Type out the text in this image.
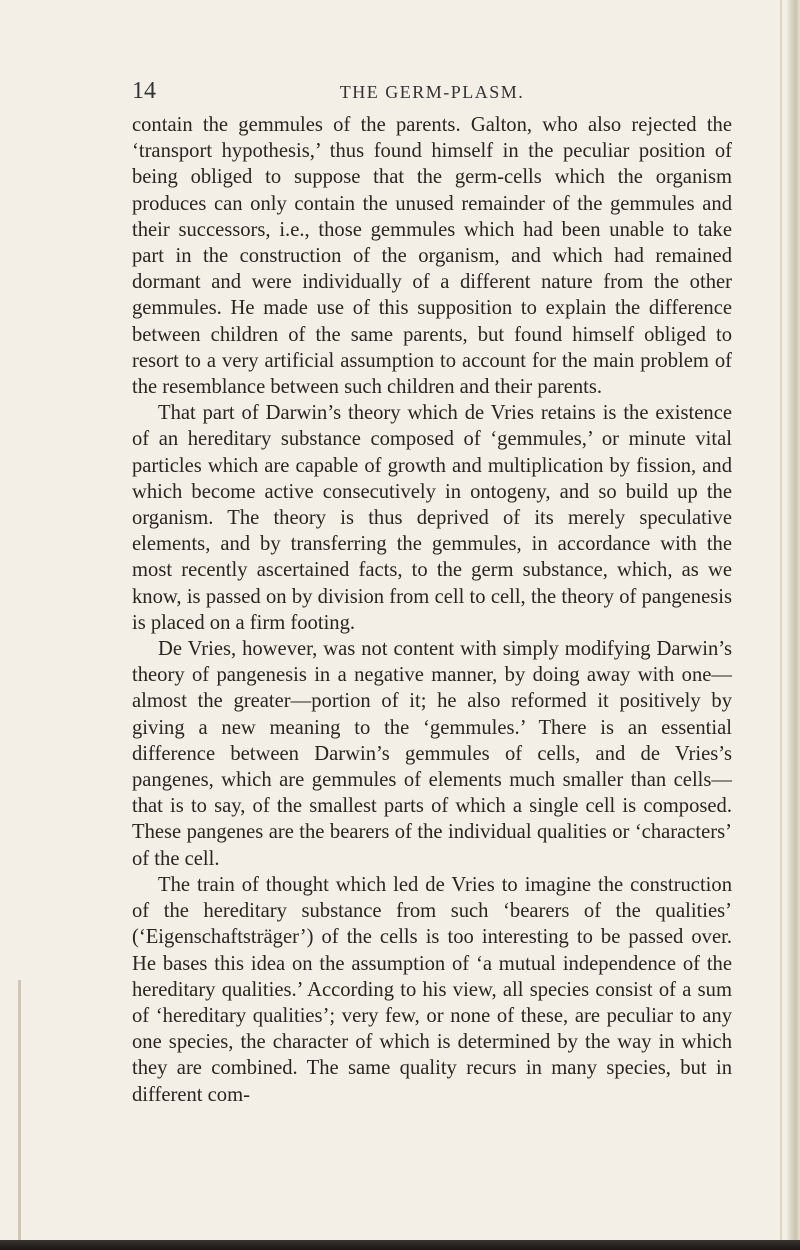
14	THE GERM-PLASM.

contain the gemmules of the parents. Galton, who also rejected the ‘transport hypothesis,’ thus found himself in the peculiar position of being obliged to suppose that the germ-cells which the organism produces can only contain the unused remainder of the gemmules and their successors, i.e., those gemmules which had been unable to take part in the construction of the organism, and which had remained dormant and were individually of a different nature from the other gemmules. He made use of this supposition to explain the difference between children of the same parents, but found himself obliged to resort to a very artificial assumption to account for the main problem of the resemblance between such children and their parents.

That part of Darwin’s theory which de Vries retains is the existence of an hereditary substance composed of ‘gemmules,’ or minute vital particles which are capable of growth and multiplication by fission, and which become active consecutively in ontogeny, and so build up the organism. The theory is thus deprived of its merely speculative elements, and by transferring the gemmules, in accordance with the most recently ascertained facts, to the germ substance, which, as we know, is passed on by division from cell to cell, the theory of pangenesis is placed on a firm footing.

De Vries, however, was not content with simply modifying Darwin’s theory of pangenesis in a negative manner, by doing away with one—almost the greater—portion of it; he also reformed it positively by giving a new meaning to the ‘gemmules.’ There is an essential difference between Darwin’s gemmules of cells, and de Vries’s pangenes, which are gemmules of elements much smaller than cells—that is to say, of the smallest parts of which a single cell is composed. These pangenes are the bearers of the individual qualities or ‘characters’ of the cell.

The train of thought which led de Vries to imagine the construction of the hereditary substance from such ‘bearers of the qualities’ (‘Eigenschaftsträger’) of the cells is too interesting to be passed over. He bases this idea on the assumption of ‘a mutual independence of the hereditary qualities.’ According to his view, all species consist of a sum of ‘hereditary qualities’; very few, or none of these, are peculiar to any one species, the character of which is determined by the way in which they are combined. The same quality recurs in many species, but in different com-
